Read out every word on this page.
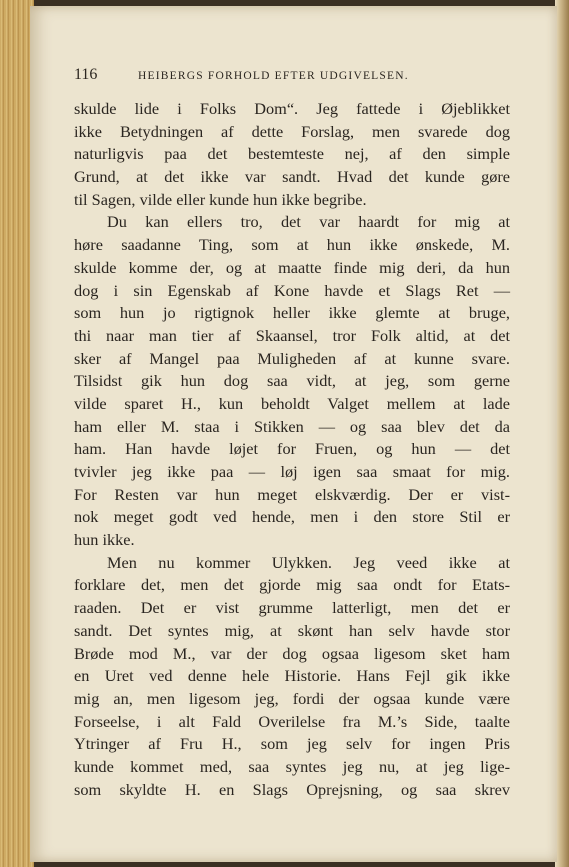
116	HEIBERGS FORHOLD EFTER UDGIVELSEN.
skulde lide i Folks Dom“. Jeg fattede i Øjeblikket
ikke Betydningen af dette Forslag, men svarede dog
naturligvis paa det bestemteste nej, af den simple
Grund, at det ikke var sandt. Hvad det kunde gøre
til Sagen, vilde eller kunde hun ikke begribe.
Du kan ellers tro, det var haardt for mig at
høre saadanne Ting, som at hun ikke ønskede, M.
skulde komme der, og at maatte finde mig deri, da hun
dog i sin Egenskab af Kone havde et Slags Ret —
som hun jo rigtignok heller ikke glemte at bruge,
thi naar man tier af Skaansel, tror Folk altid, at det
sker af Mangel paa Muligheden af at kunne svare.
Tilsidst gik hun dog saa vidt, at jeg, som gerne
vilde sparet H., kun beholdt Valget mellem at lade
ham eller M. staa i Stikken — og saa blev det da
ham. Han havde løjet for Fruen, og hun — det
tvivler jeg ikke paa — løj igen saa smaat for mig.
For Resten var hun meget elskværdig. Der er vist-
nok meget godt ved hende, men i den store Stil er
hun ikke.
Men nu kommer Ulykken. Jeg veed ikke at
forklare det, men det gjorde mig saa ondt for Etats-
raaden. Det er vist grumme latterligt, men det er
sandt. Det syntes mig, at skønt han selv havde stor
Brøde mod M., var der dog ogsaa ligesom sket ham
en Uret ved denne hele Historie. Hans Fejl gik ikke
mig an, men ligesom jeg, fordi der ogsaa kunde være
Forseelse, i alt Fald Overilelse fra M.’s Side, taalte
Ytringer af Fru H., som jeg selv for ingen Pris
kunde kommet med, saa syntes jeg nu, at jeg lige-
som skyldte H. en Slags Oprejsning, og saa skrev
